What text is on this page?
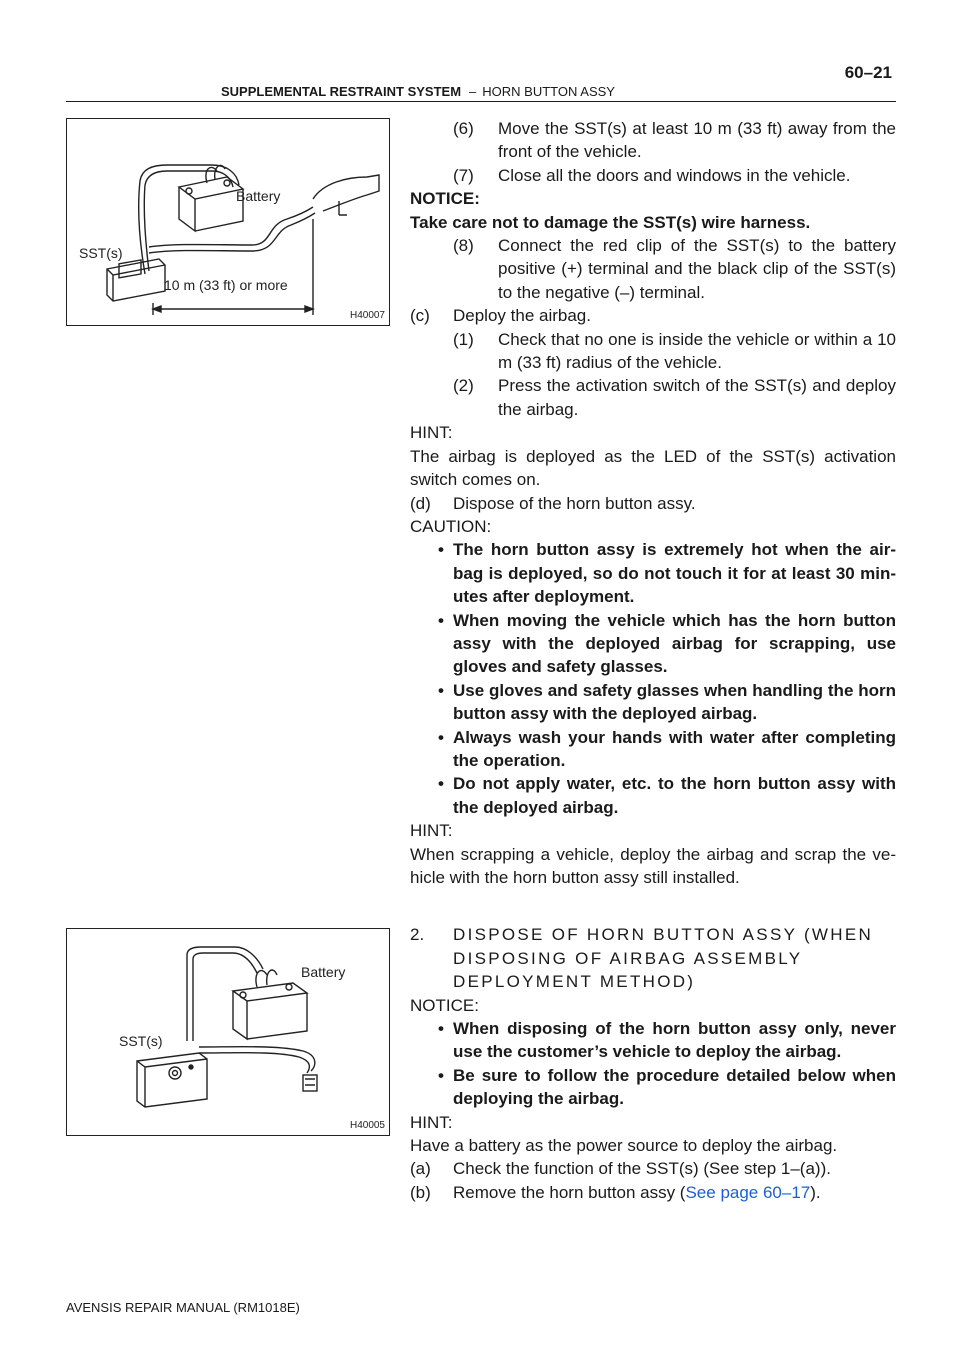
60–21
SUPPLEMENTAL RESTRAINT SYSTEM – HORN BUTTON ASSY
Battery
SST(s)
10 m (33 ft) or more
H40007
Battery
SST(s)
H40005

(6) Move the SST(s) at least 10 m (33 ft) away from the front of the vehicle.

(7) Close all the doors and windows in the vehicle.

NOTICE:

Take care not to damage the SST(s) wire harness.

(8) Connect the red clip of the SST(s) to the battery positive (+) terminal and the black clip of the SST(s) to the negative (–) terminal.

(c) Deploy the airbag.

(1) Check that no one is inside the vehicle or within a 10 m (33 ft) radius of the vehicle.

(2) Press the activation switch of the SST(s) and deploy the airbag.

HINT:

The airbag is deployed as the LED of the SST(s) activation switch comes on.

(d) Dispose of the horn button assy.

CAUTION:

• The horn button assy is extremely hot when the air-bag is deployed, so do not touch it for at least 30 min-utes after deployment.

• When moving the vehicle which has the horn button assy with the deployed airbag for scrapping, use gloves and safety glasses.

• Use gloves and safety glasses when handling the horn button assy with the deployed airbag.

• Always wash your hands with water after completing the operation.

• Do not apply water, etc. to the horn button assy with the deployed airbag.

HINT:

When scrapping a vehicle, deploy the airbag and scrap the ve-hicle with the horn button assy still installed.

2. DISPOSE OF HORN BUTTON ASSY (WHEN DISPOSING OF AIRBAG ASSEMBLY DEPLOYMENT METHOD)

NOTICE:

• When disposing of the horn button assy only, never use the customer’s vehicle to deploy the airbag.

• Be sure to follow the procedure detailed below when deploying the airbag.

HINT:

Have a battery as the power source to deploy the airbag.

(a) Check the function of the SST(s) (See step 1–(a)).

(b) Remove the horn button assy (See page 60–17).

AVENSIS REPAIR MANUAL (RM1018E)
